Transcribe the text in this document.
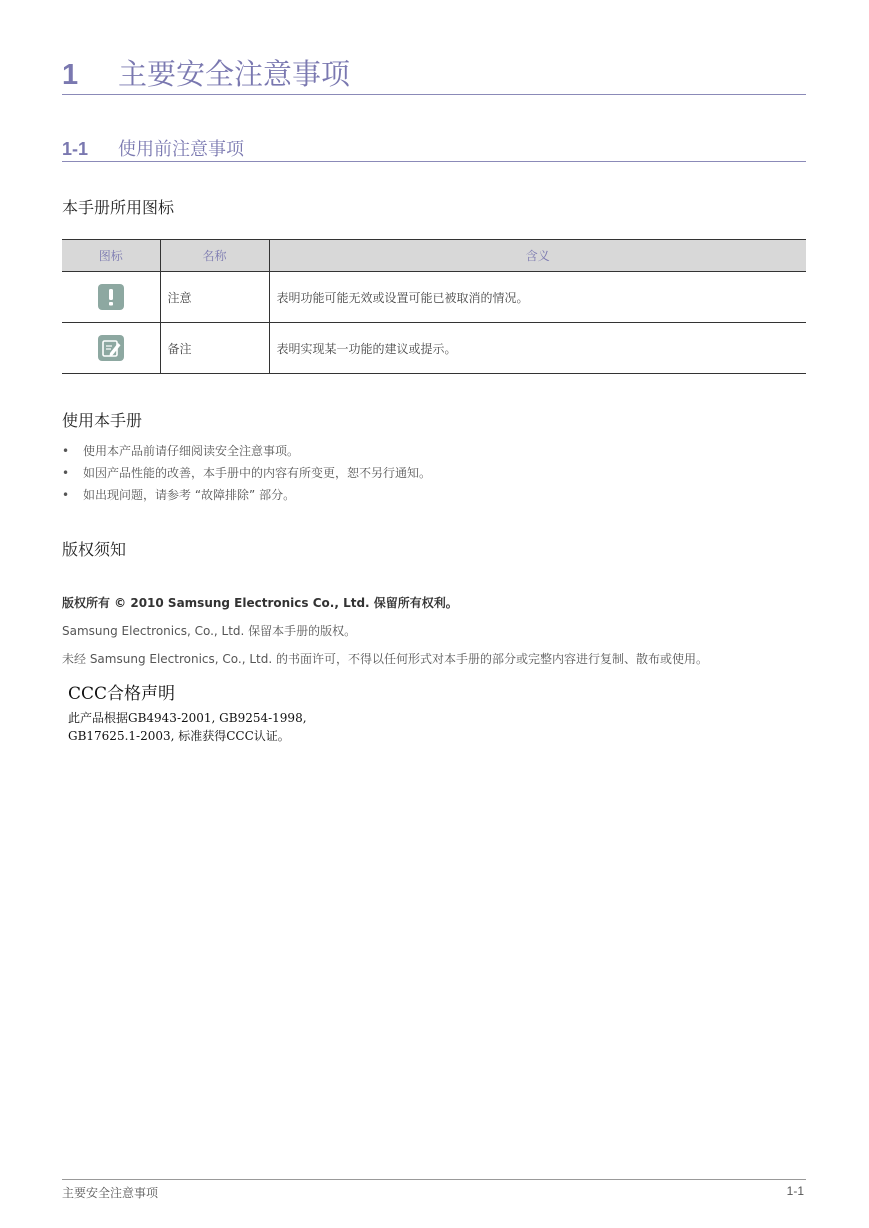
1 主要安全注意事项
1-1 使用前注意事项
本手册所用图标
图标	名称	含义

	注意	表明功能可能无效或设置可能已被取消的情况。

	备注	表明实现某一功能的建议或提示。
使用本手册
• 使用本产品前请仔细阅读安全注意事项。
• 如因产品性能的改善，本手册中的内容有所变更，恕不另行通知。
• 如出现问题，请参考 “故障排除” 部分。
版权须知
版权所有 © 2010 Samsung Electronics Co., Ltd. 保留所有权利。
Samsung Electronics, Co., Ltd. 保留本手册的版权。
未经 Samsung Electronics, Co., Ltd. 的书面许可，不得以任何形式对本手册的部分或完整内容进行复制、散布或使用。
CCC合格声明
此产品根据GB4943-2001, GB9254-1998,
GB17625.1-2003, 标准获得CCC认证。
主要安全注意事项	1-1
